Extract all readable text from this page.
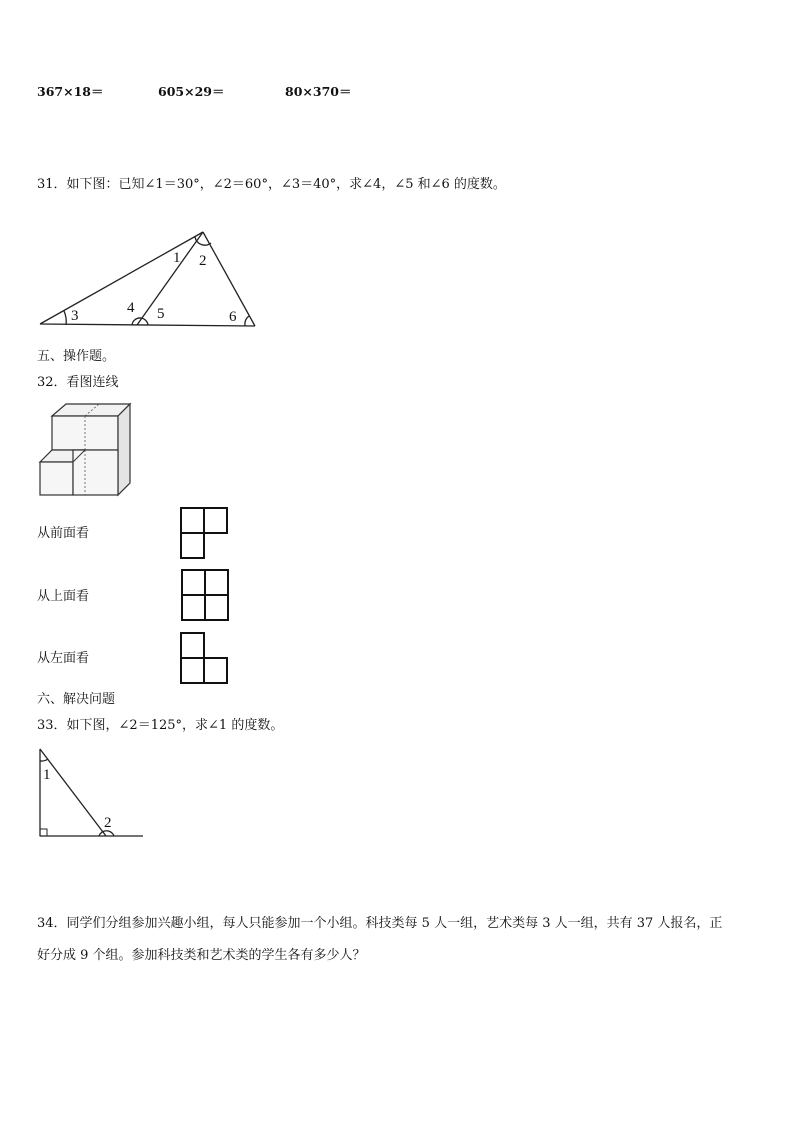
367×18＝	605×29＝	80×370＝
31．如下图：已知∠1＝30°，∠2＝60°，∠3＝40°，求∠4，∠5 和∠6 的度数。
1 2
3	4 5	6
1
2
五、操作题。
32．看图连线
从前面看
从上面看
从左面看
六、解决问题
33．如下图，∠2＝125°，求∠1 的度数。
34．同学们分组参加兴趣小组，每人只能参加一个小组。科技类每 5 人一组，艺术类每 3 人一组，共有 37 人报名，正
好分成 9 个组。参加科技类和艺术类的学生各有多少人？
